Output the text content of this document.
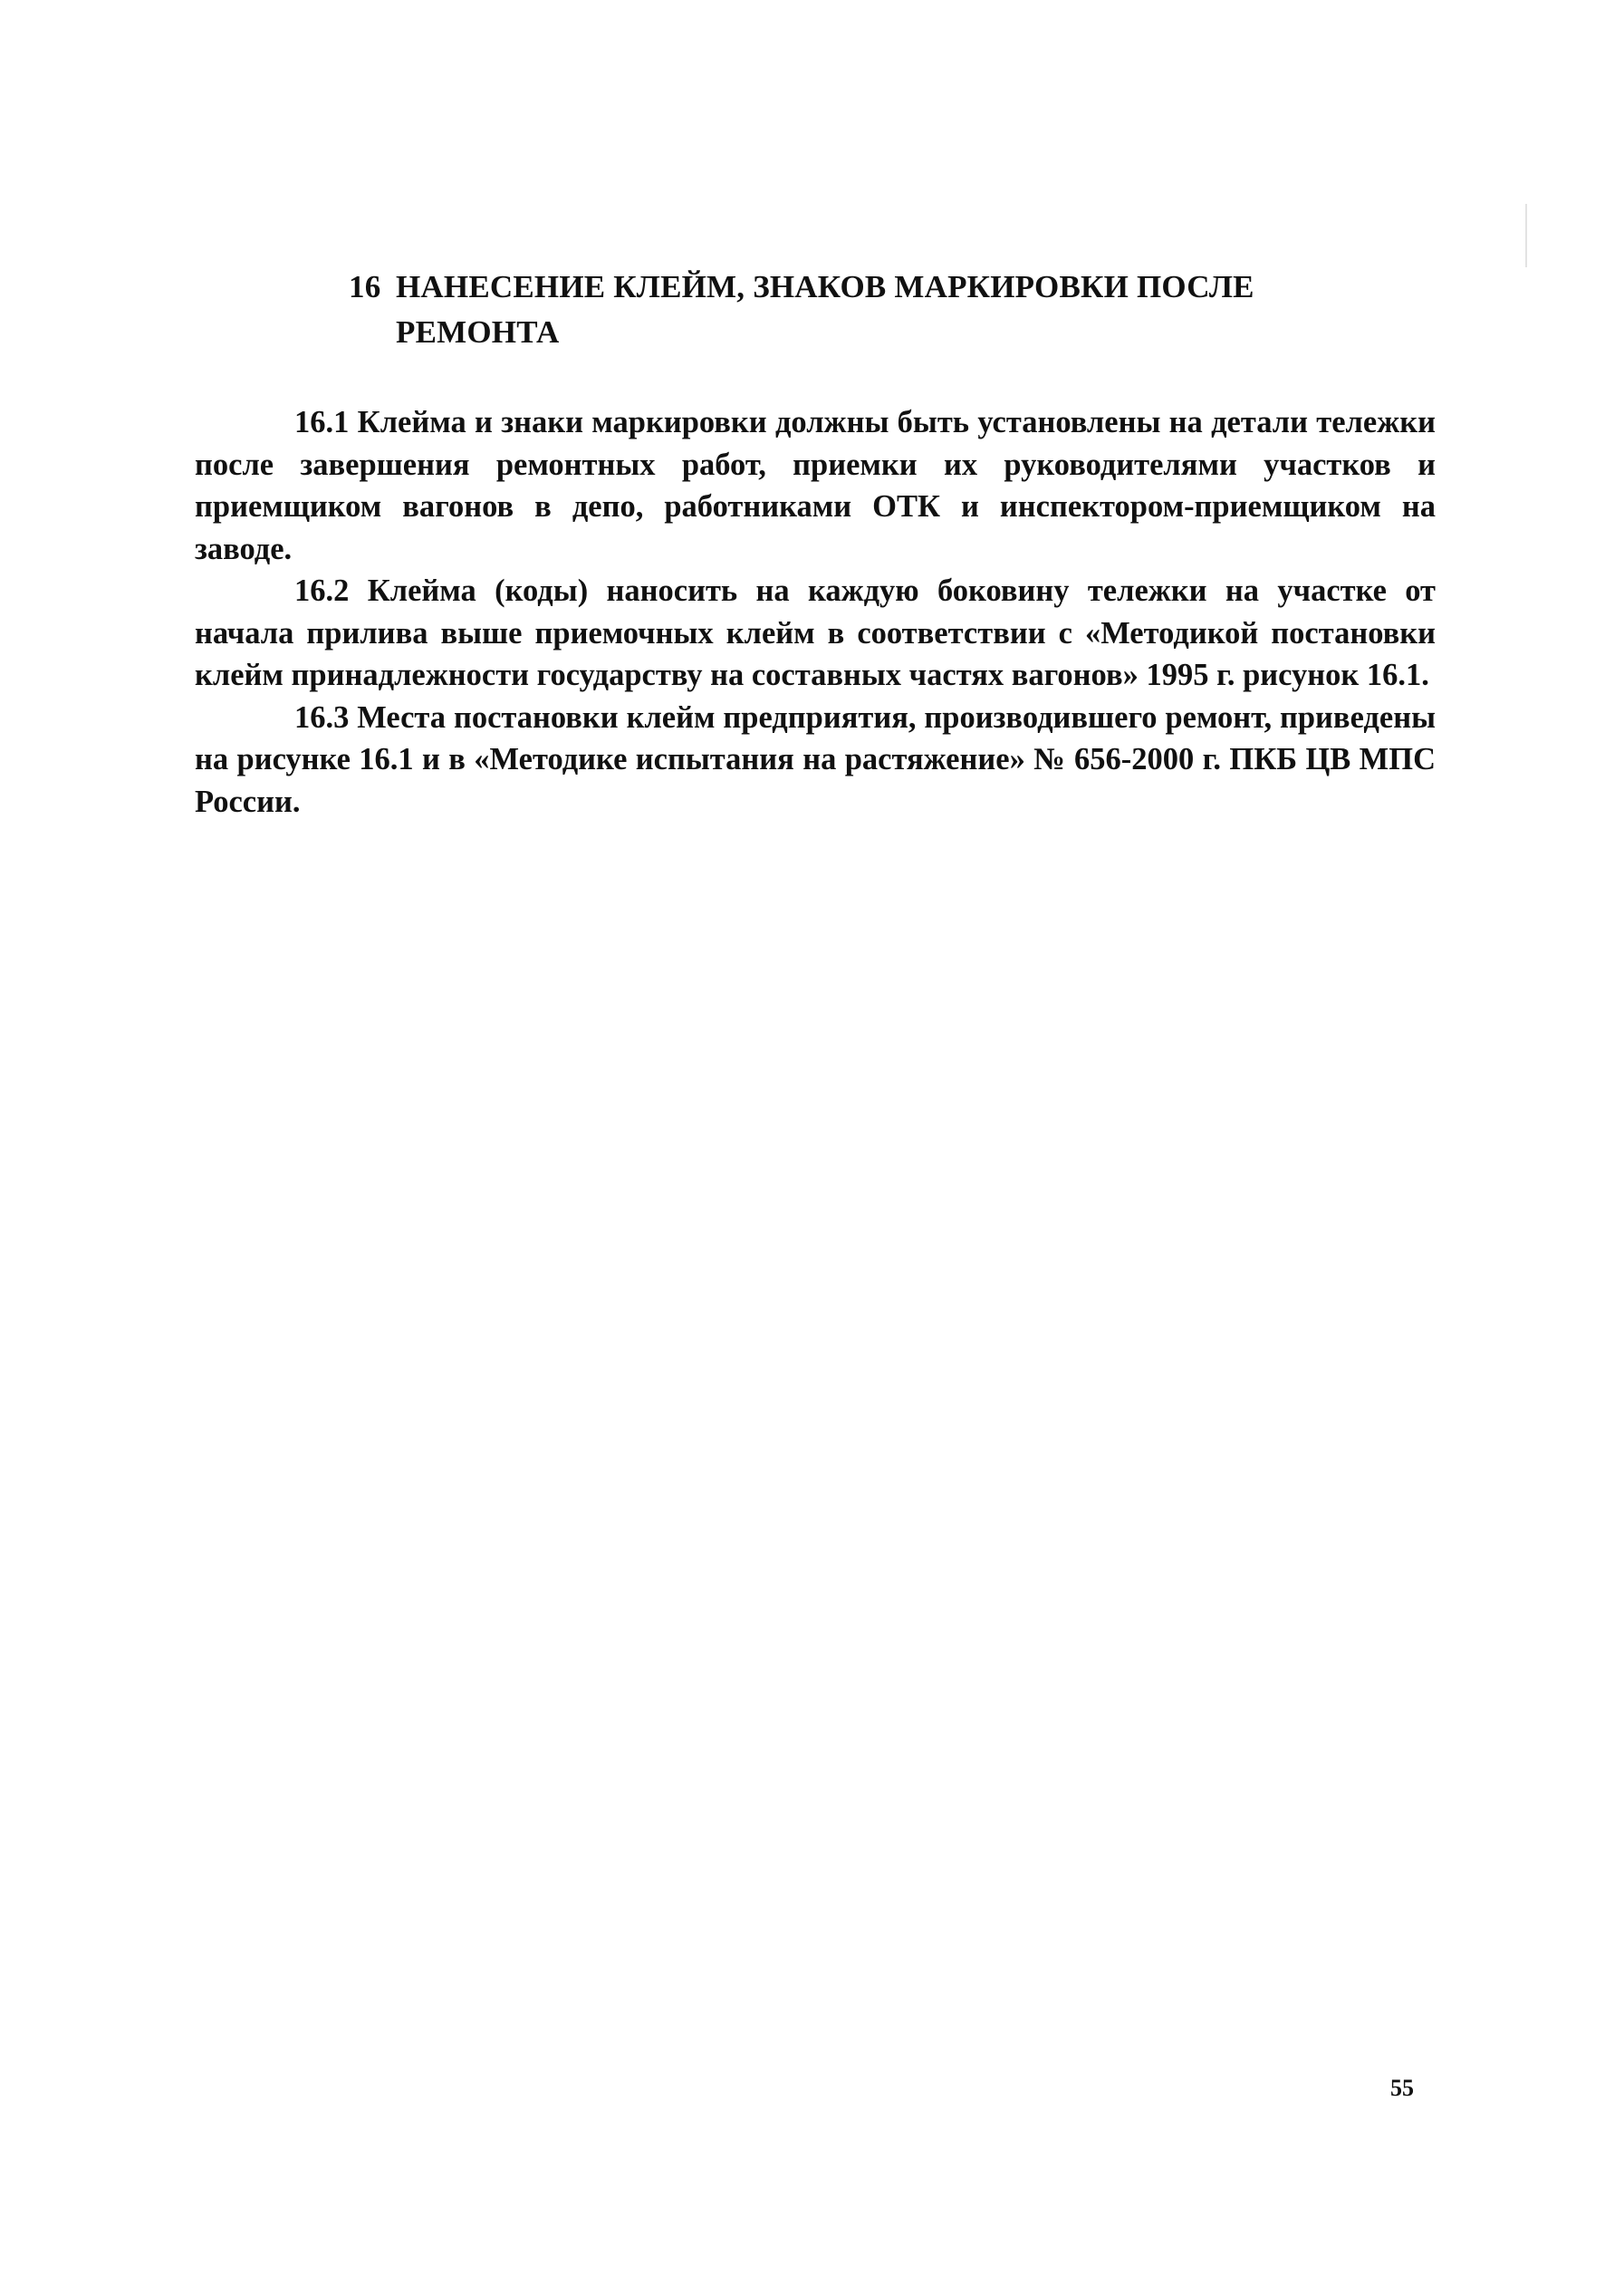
16 НАНЕСЕНИЕ КЛЕЙМ, ЗНАКОВ МАРКИРОВКИ ПОСЛЕ
РЕМОНТА

16.1 Клейма и знаки маркировки должны быть установлены на детали тележки после завершения ремонтных работ, приемки их руководителями участков и приемщиком вагонов в депо, работниками ОТК и инспектором-приемщиком на заводе.

16.2 Клейма (коды) наносить на каждую боковину тележки на участке от начала прилива выше приемочных клейм в соответствии с «Методикой постановки клейм принадлежности государству на составных частях вагонов» 1995 г. рисунок 16.1.

16.3 Места постановки клейм предприятия, производившего ремонт, приведены на рисунке 16.1 и в «Методике испытания на растяжение» № 656-2000 г. ПКБ ЦВ МПС России.

55
